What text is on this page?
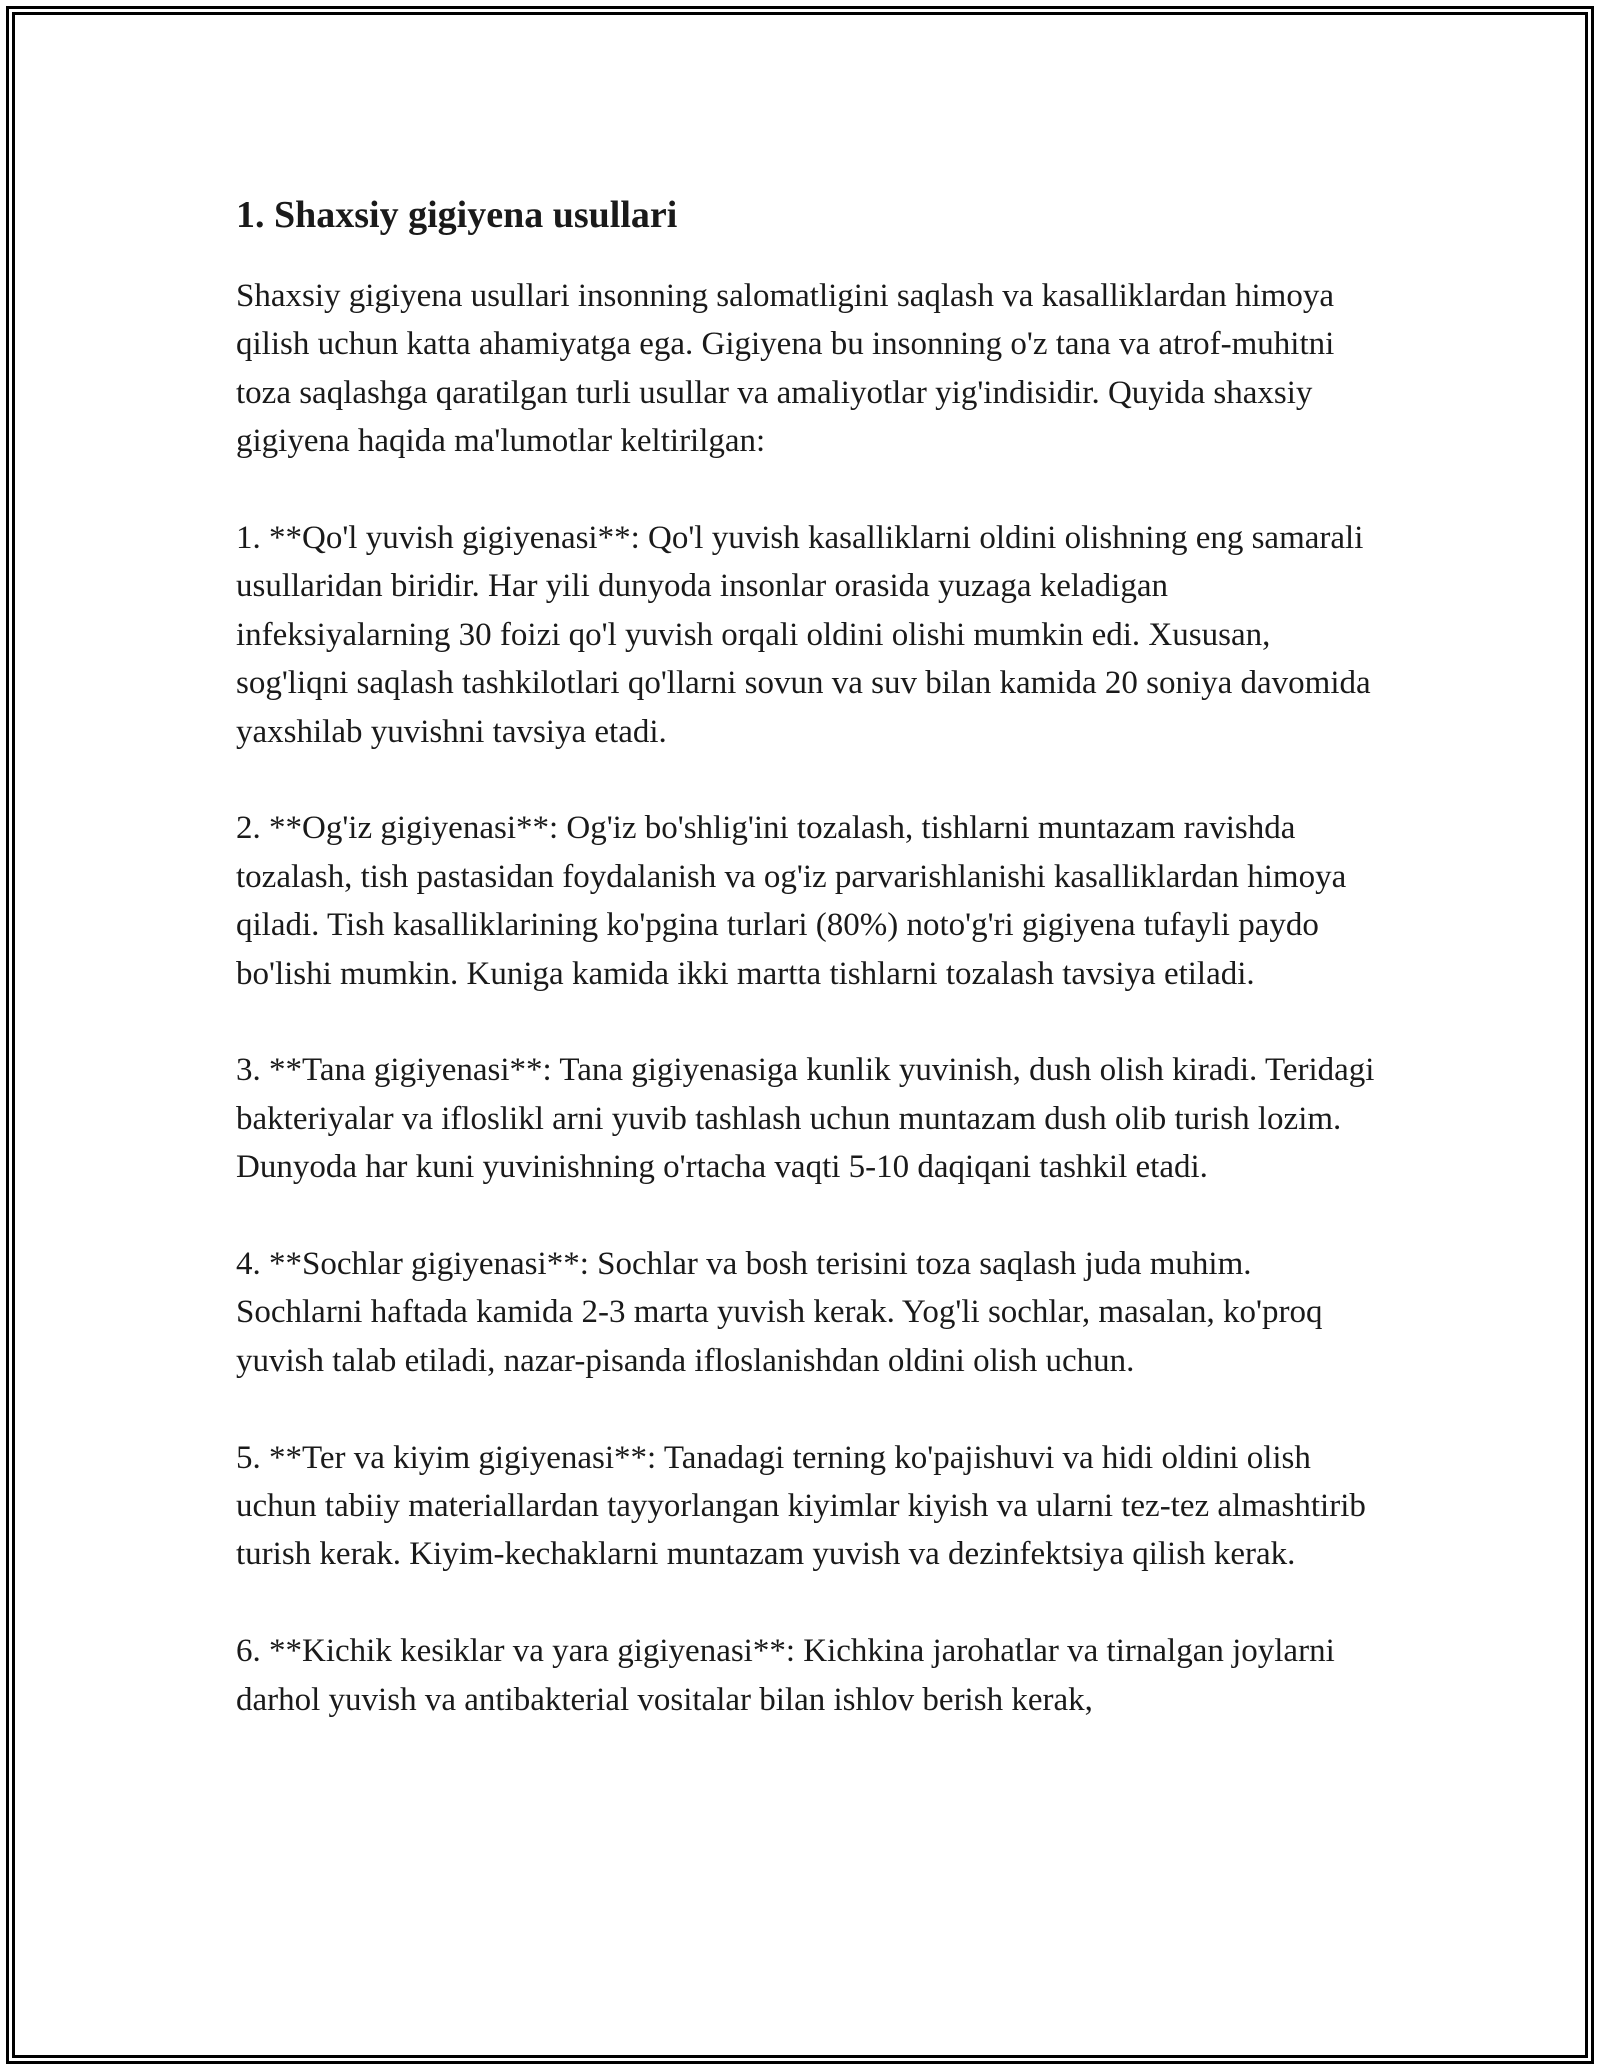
1. Shaxsiy gigiyena usullari

Shaxsiy gigiyena usullari insonning salomatligini saqlash va kasalliklardan himoya qilish uchun katta ahamiyatga ega. Gigiyena bu insonning o'z tana va atrof-muhitni toza saqlashga qaratilgan turli usullar va amaliyotlar yig'indisidir. Quyida shaxsiy gigiyena haqida ma'lumotlar keltirilgan:

1. **Qo'l yuvish gigiyenasi**: Qo'l yuvish kasalliklarni oldini olishning eng samarali usullaridan biridir. Har yili dunyoda insonlar orasida yuzaga keladigan infeksiyalarning 30 foizi qo'l yuvish orqali oldini olishi mumkin edi. Xususan, sog'liqni saqlash tashkilotlari qo'llarni sovun va suv bilan kamida 20 soniya davomida yaxshilab yuvishni tavsiya etadi.

2. **Og'iz gigiyenasi**: Og'iz bo'shlig'ini tozalash, tishlarni muntazam ravishda tozalash, tish pastasidan foydalanish va og'iz parvarishlanishi kasalliklardan himoya qiladi. Tish kasalliklarining ko'pgina turlari (80%) noto'g'ri gigiyena tufayli paydo bo'lishi mumkin. Kuniga kamida ikki martta tishlarni tozalash tavsiya etiladi.

3. **Tana gigiyenasi**: Tana gigiyenasiga kunlik yuvinish, dush olish kiradi. Teridagi bakteriyalar va ifloslikl arni yuvib tashlash uchun muntazam dush olib turish lozim. Dunyoda har kuni yuvinishning o'rtacha vaqti 5-10 daqiqani tashkil etadi.

4. **Sochlar gigiyenasi**: Sochlar va bosh terisini toza saqlash juda muhim. Sochlarni haftada kamida 2-3 marta yuvish kerak. Yog'li sochlar, masalan, ko'proq yuvish talab etiladi, nazar-pisanda ifloslanishdan oldini olish uchun.

5. **Ter va kiyim gigiyenasi**: Tanadagi terning ko'pajishuvi va hidi oldini olish uchun tabiiy materiallardan tayyorlangan kiyimlar kiyish va ularni tez-tez almashtirib turish kerak. Kiyim-kechaklarni muntazam yuvish va dezinfektsiya qilish kerak.

6. **Kichik kesiklar va yara gigiyenasi**: Kichkina jarohatlar va tirnalgan joylarni darhol yuvish va antibakterial vositalar bilan ishlov berish kerak,
